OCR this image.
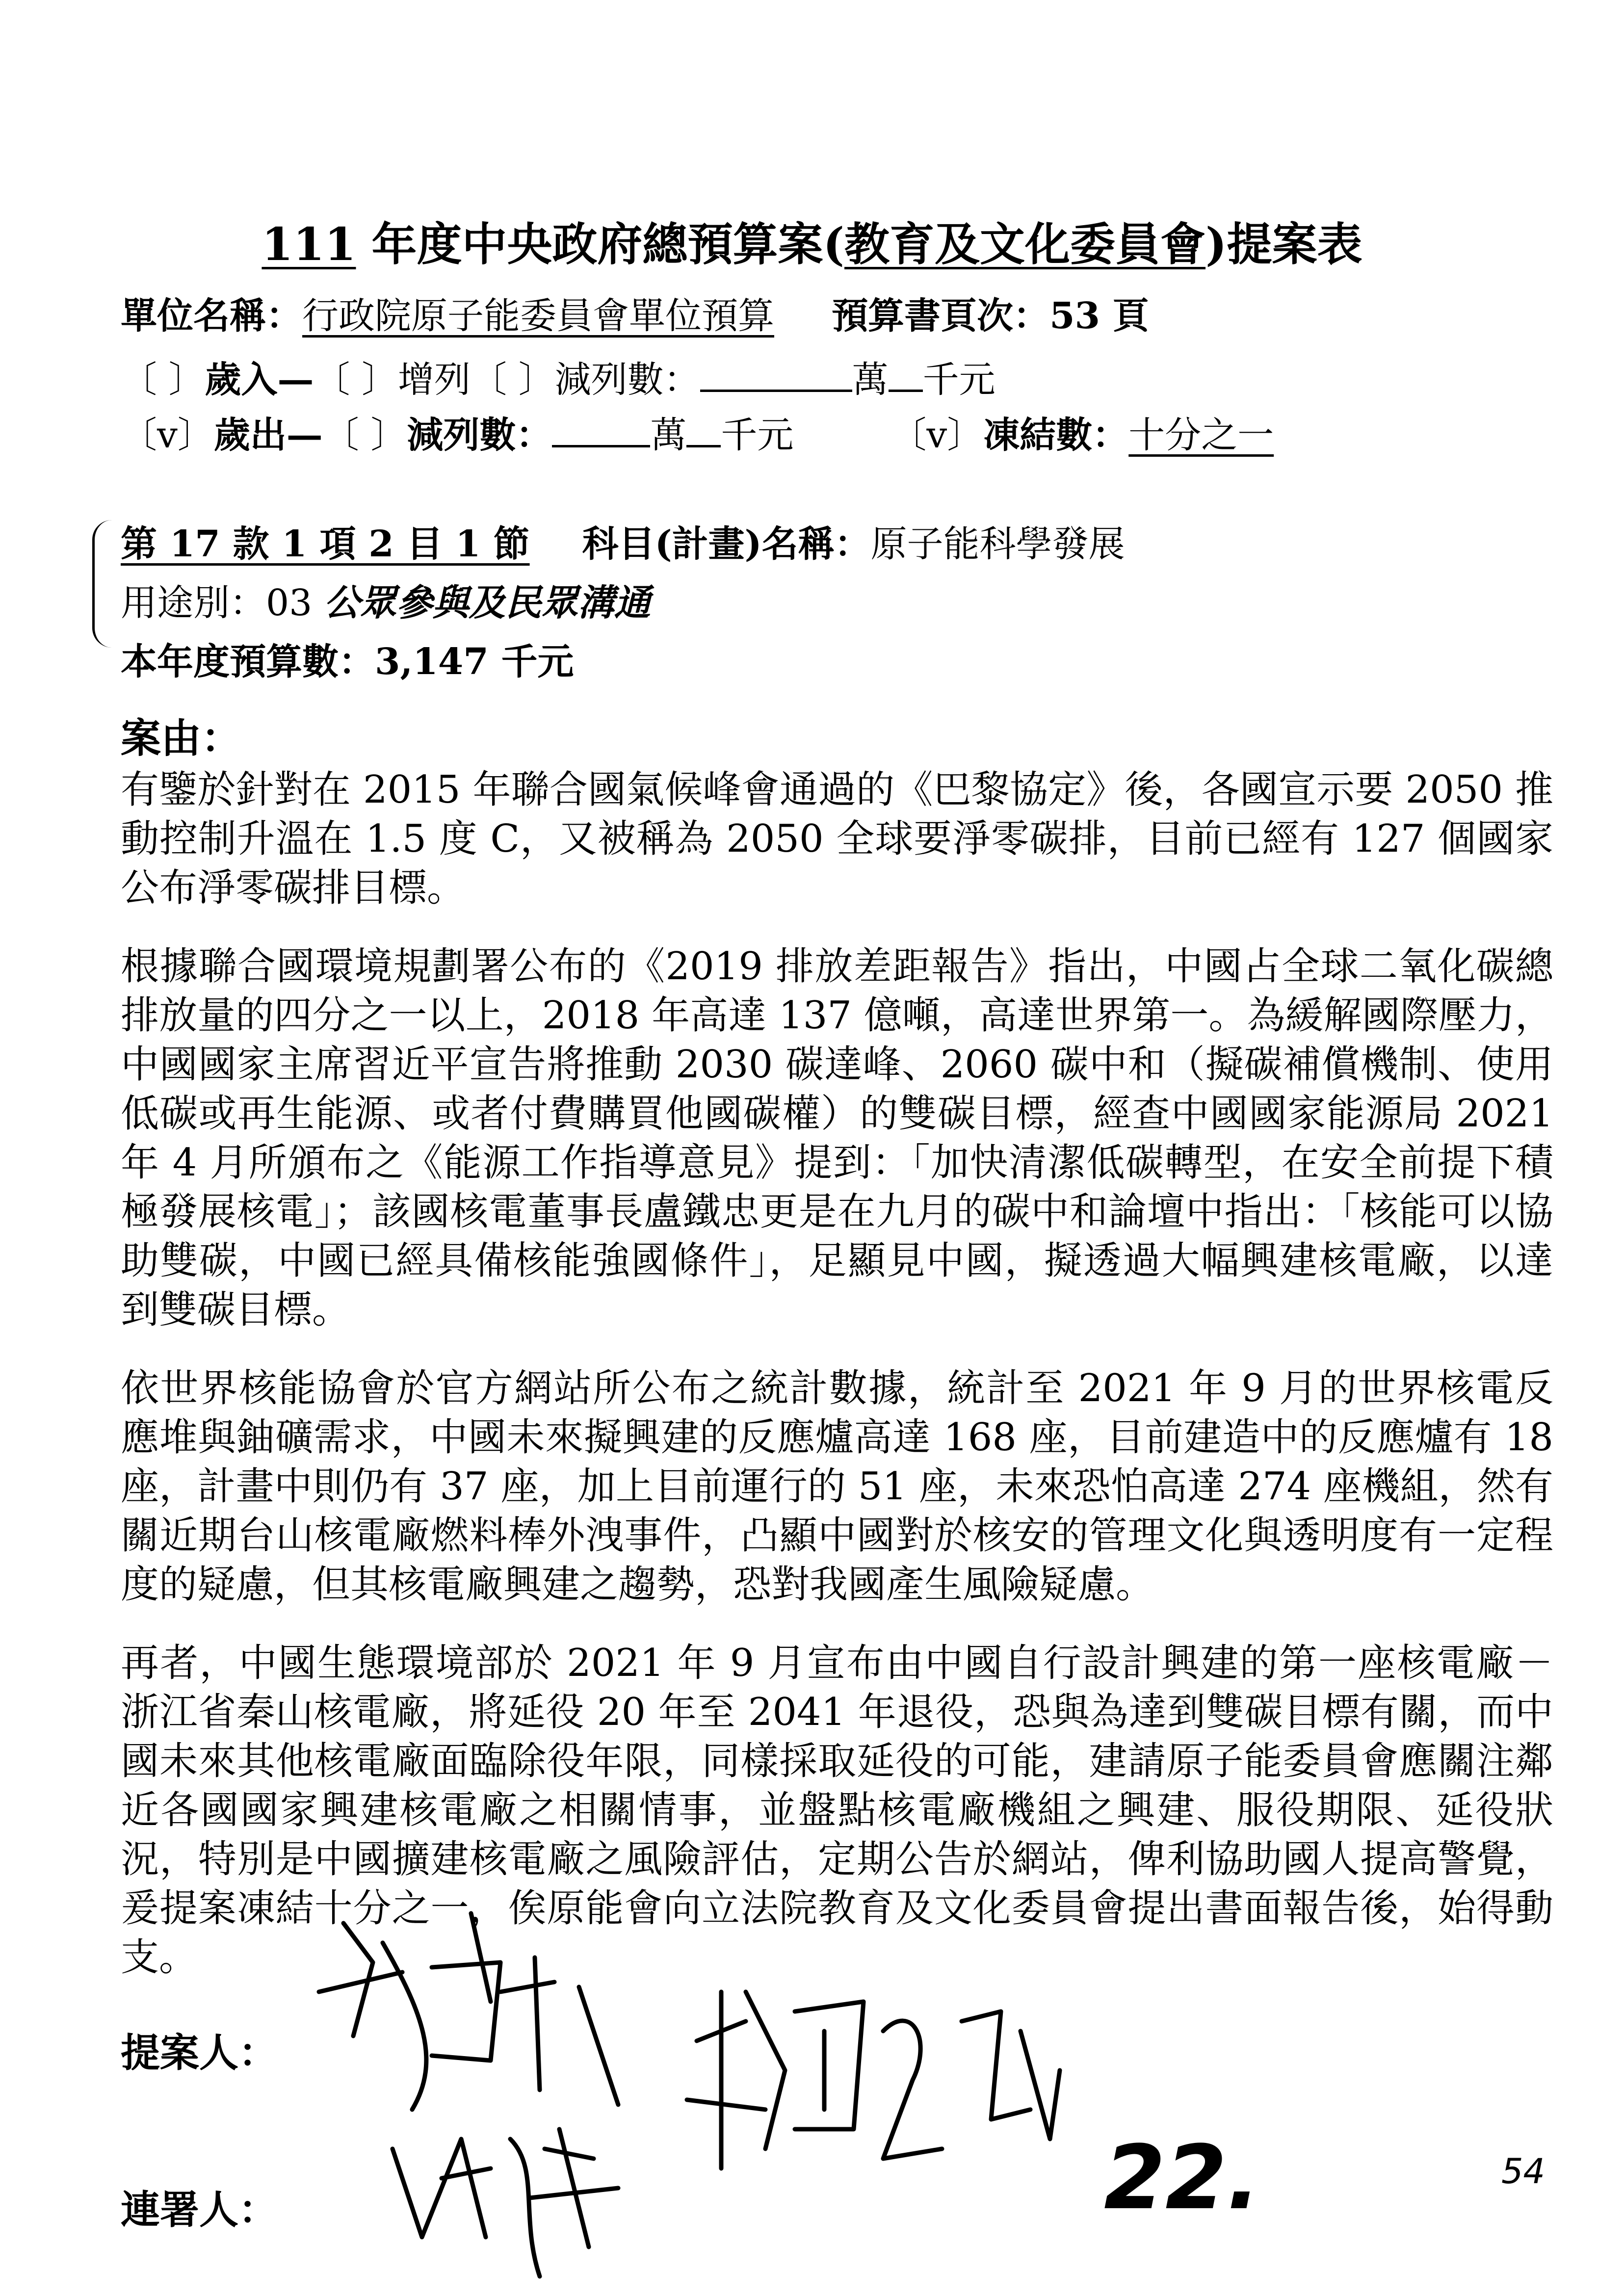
111 年度中央政府總預算案(教育及文化委員會)提案表
單位名稱：行政院原子能委員會單位預算 預算書頁次：53 頁
〔 〕歲入—〔 〕增列〔 〕減列數：	萬 千元
〔v〕歲出—〔 〕減列數：	萬 千元	〔v〕凍結數：十分之一
第 17 款 1 項 2 目 1 節 科目(計畫)名稱：原子能科學發展
用途別：03 公眾參與及民眾溝通
本年度預算數：3,147 千元
案由：

有鑒於針對在 2015 年聯合國氣候峰會通過的《巴黎協定》後，各國宣示要 2050 推動控制升溫在 1.5 度 C，又被稱為 2050 全球要淨零碳排，目前已經有 127 個國家公布淨零碳排目標。

根據聯合國環境規劃署公布的《2019 排放差距報告》指出，中國占全球二氧化碳總排放量的四分之一以上，2018 年高達 137 億噸，高達世界第一。為緩解國際壓力，中國國家主席習近平宣告將推動 2030 碳達峰、2060 碳中和（擬碳補償機制、使用低碳或再生能源、或者付費購買他國碳權）的雙碳目標，經查中國國家能源局 2021 年 4 月所頒布之《能源工作指導意見》提到：「加快清潔低碳轉型，在安全前提下積極發展核電」；該國核電董事長盧鐵忠更是在九月的碳中和論壇中指出：「核能可以協助雙碳，中國已經具備核能強國條件」，足顯見中國，擬透過大幅興建核電廠，以達到雙碳目標。

依世界核能協會於官方網站所公布之統計數據，統計至 2021 年 9 月的世界核電反應堆與鈾礦需求，中國未來擬興建的反應爐高達 168 座，目前建造中的反應爐有 18 座，計畫中則仍有 37 座，加上目前運行的 51 座，未來恐怕高達 274 座機組，然有關近期台山核電廠燃料棒外洩事件，凸顯中國對於核安的管理文化與透明度有一定程度的疑慮，但其核電廠興建之趨勢，恐對我國產生風險疑慮。

再者，中國生態環境部於 2021 年 9 月宣布由中國自行設計興建的第一座核電廠－浙江省秦山核電廠，將延役 20 年至 2041 年退役，恐與為達到雙碳目標有關，而中國未來其他核電廠面臨除役年限，同樣採取延役的可能，建請原子能委員會應關注鄰近各國國家興建核電廠之相關情事，並盤點核電廠機組之興建、服役期限、延役狀況，特別是中國擴建核電廠之風險評估，定期公告於網站，俾利協助國人提高警覺，爰提案凍結十分之一，俟原能會向立法院教育及文化委員會提出書面報告後，始得動支。

提案人：
連署人：	22.	54
